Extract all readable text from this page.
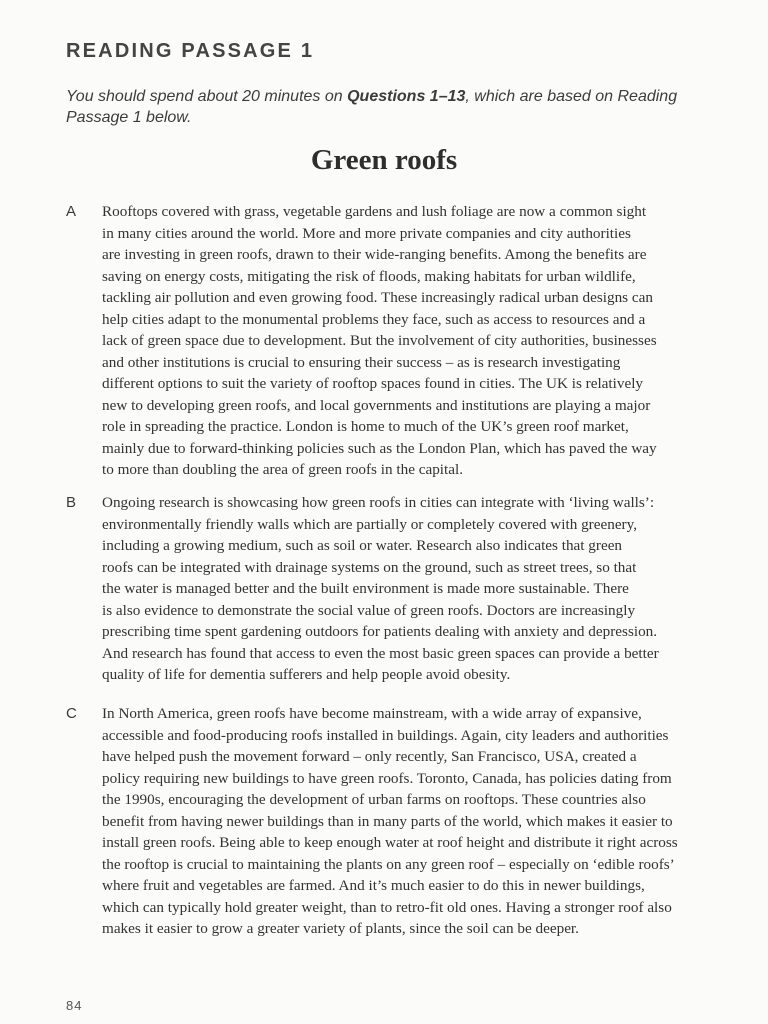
READING PASSAGE 1

You should spend about 20 minutes on Questions 1–13, which are based on Reading Passage 1 below.

Green roofs
A Rooftops covered with grass, vegetable gardens and lush foliage are now a common sight
in many cities around the world. More and more private companies and city authorities
are investing in green roofs, drawn to their wide-ranging benefits. Among the benefits are
saving on energy costs, mitigating the risk of floods, making habitats for urban wildlife,
tackling air pollution and even growing food. These increasingly radical urban designs can
help cities adapt to the monumental problems they face, such as access to resources and a
lack of green space due to development. But the involvement of city authorities, businesses
and other institutions is crucial to ensuring their success – as is research investigating
different options to suit the variety of rooftop spaces found in cities. The UK is relatively
new to developing green roofs, and local governments and institutions are playing a major
role in spreading the practice. London is home to much of the UK’s green roof market,
mainly due to forward-thinking policies such as the London Plan, which has paved the way
to more than doubling the area of green roofs in the capital.
B Ongoing research is showcasing how green roofs in cities can integrate with ‘living walls’:
environmentally friendly walls which are partially or completely covered with greenery,
including a growing medium, such as soil or water. Research also indicates that green
roofs can be integrated with drainage systems on the ground, such as street trees, so that
the water is managed better and the built environment is made more sustainable. There
is also evidence to demonstrate the social value of green roofs. Doctors are increasingly
prescribing time spent gardening outdoors for patients dealing with anxiety and depression.
And research has found that access to even the most basic green spaces can provide a better
quality of life for dementia sufferers and help people avoid obesity.
C In North America, green roofs have become mainstream, with a wide array of expansive,
accessible and food-producing roofs installed in buildings. Again, city leaders and authorities
have helped push the movement forward – only recently, San Francisco, USA, created a
policy requiring new buildings to have green roofs. Toronto, Canada, has policies dating from
the 1990s, encouraging the development of urban farms on rooftops. These countries also
benefit from having newer buildings than in many parts of the world, which makes it easier to
install green roofs. Being able to keep enough water at roof height and distribute it right across
the rooftop is crucial to maintaining the plants on any green roof – especially on ‘edible roofs’
where fruit and vegetables are farmed. And it’s much easier to do this in newer buildings,
which can typically hold greater weight, than to retro-fit old ones. Having a stronger roof also
makes it easier to grow a greater variety of plants, since the soil can be deeper.
84
